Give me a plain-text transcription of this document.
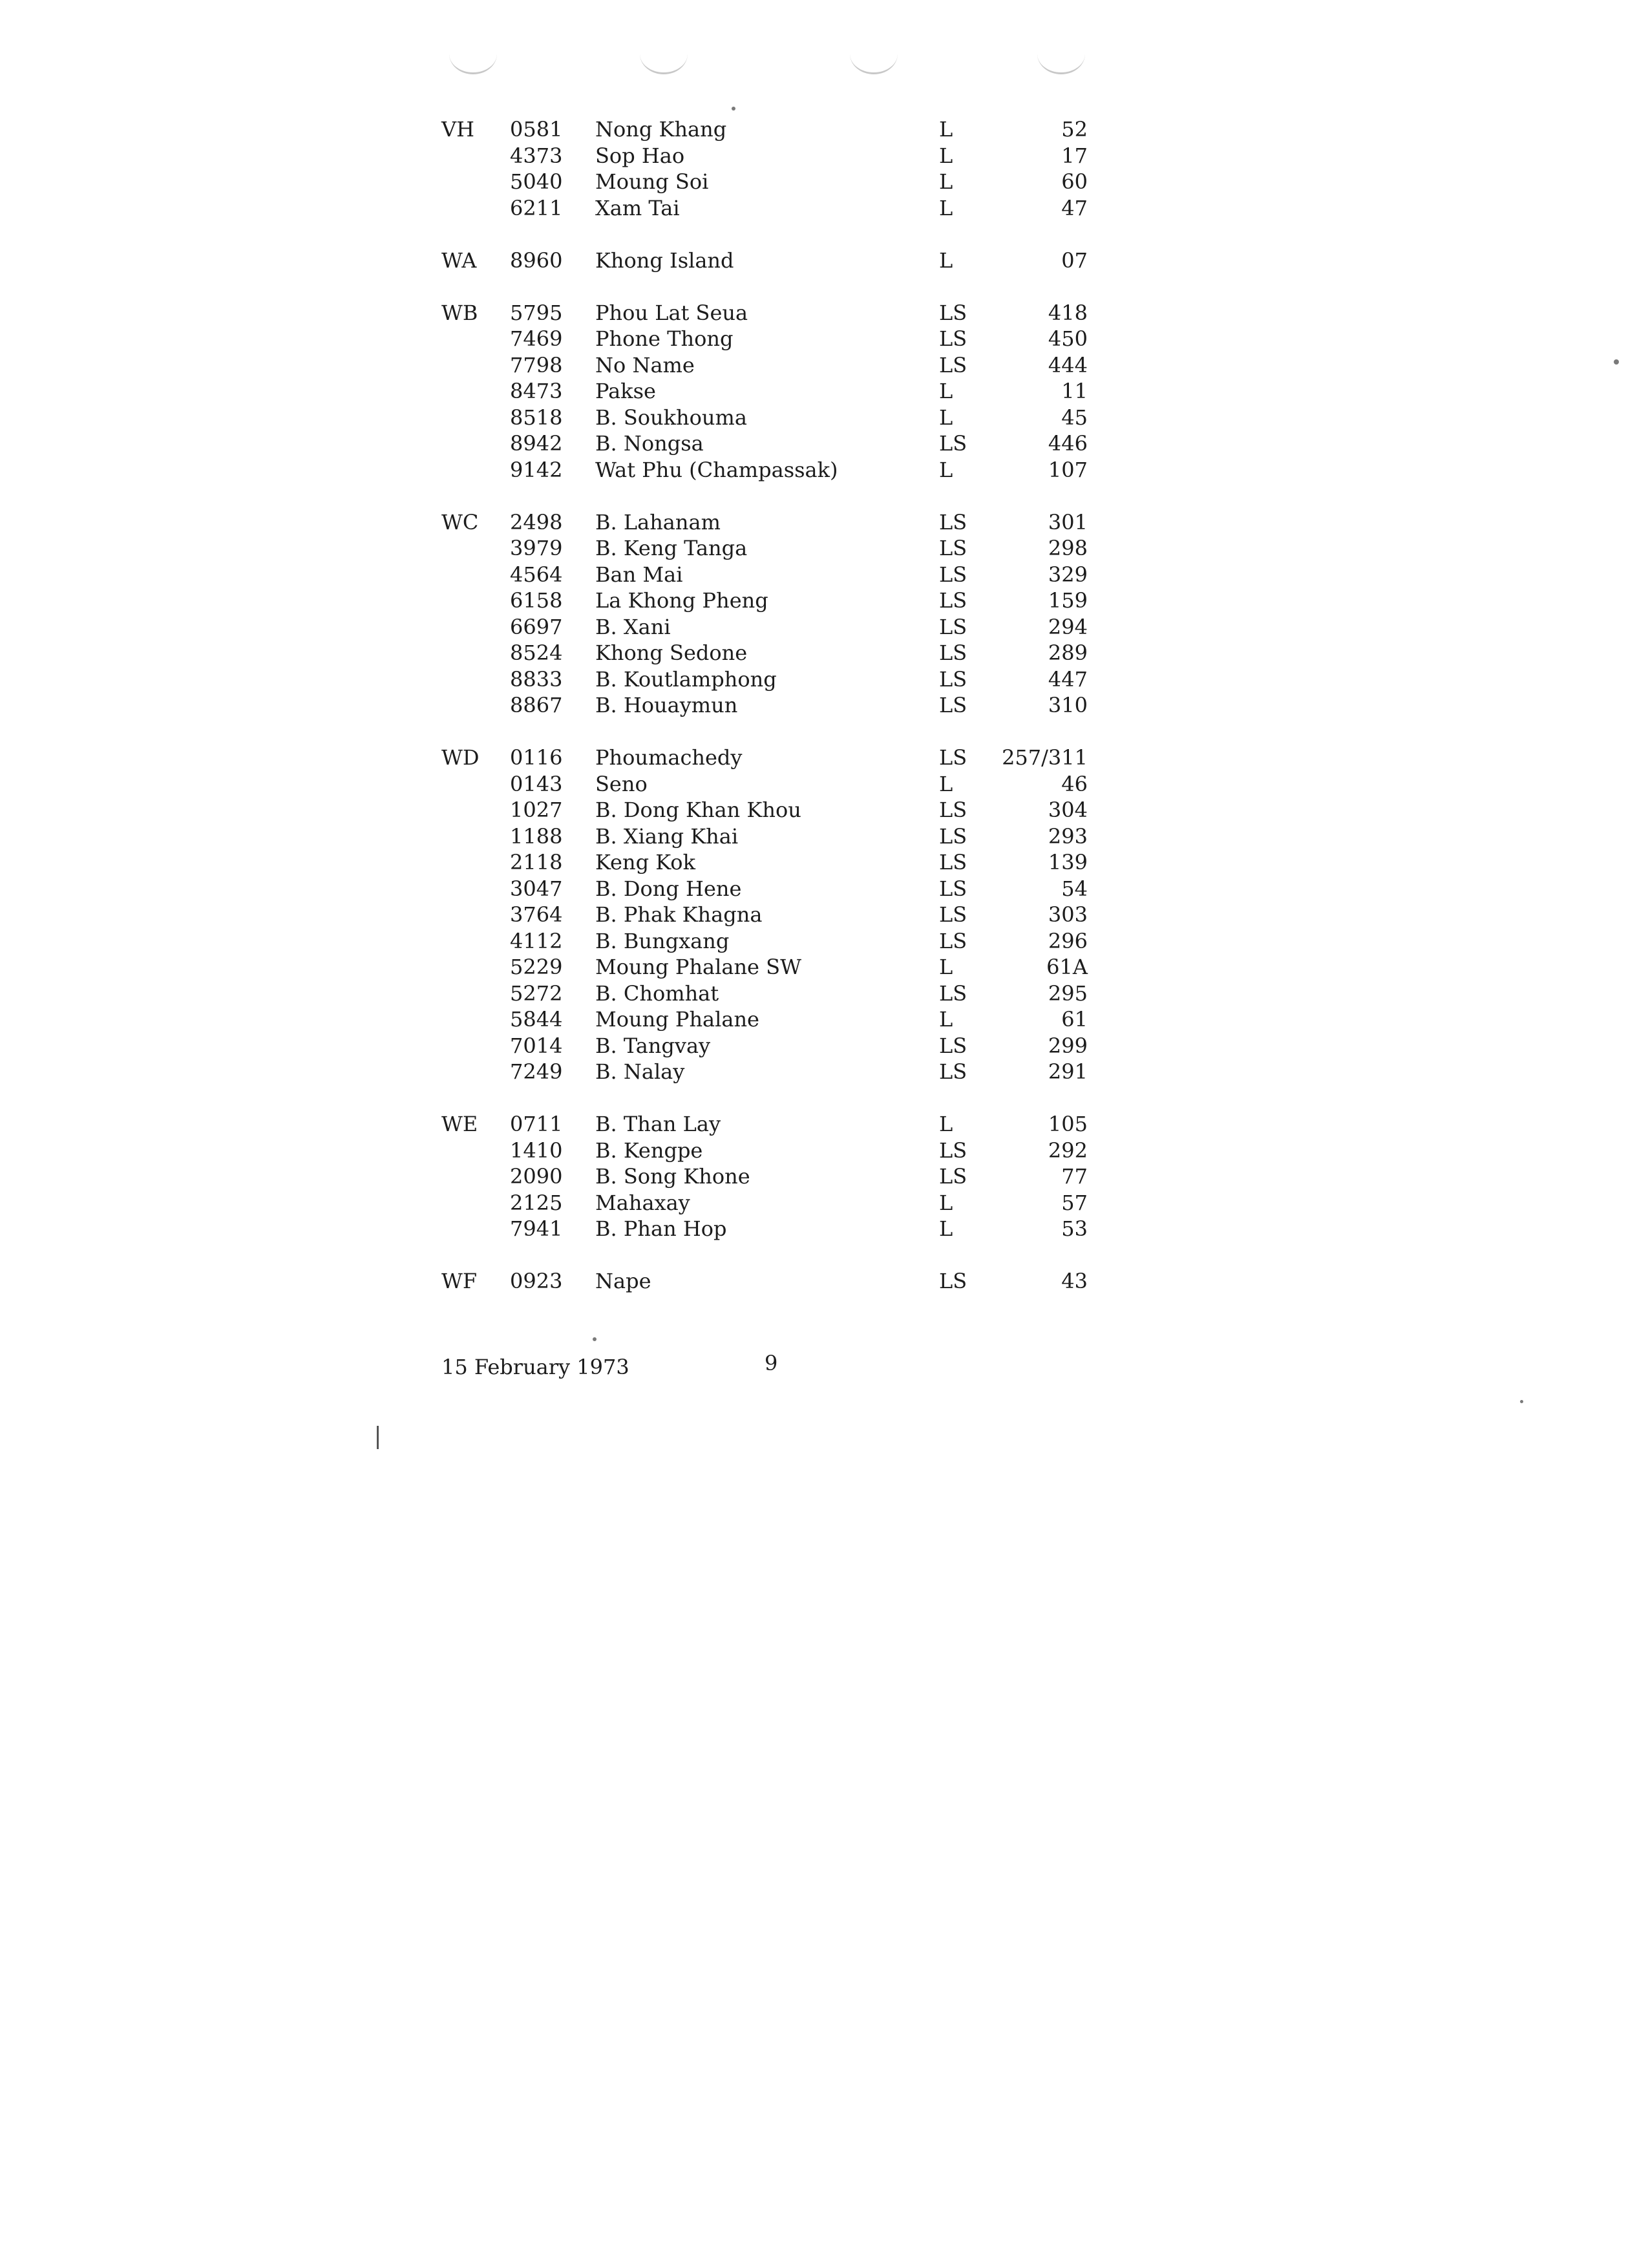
VH 0581 Nong Khang	L	52
4373 Sop Hao	L	17
5040 Moung Soi	L	60
6211 Xam Tai	L	47
WA 8960 Khong Island	L	07
WB 5795 Phou Lat Seua	LS	418
7469 Phone Thong	LS	450
7798 No Name	LS	444
8473 Pakse	L	11
8518 B. Soukhouma	L	45
8942 B. Nongsa	LS	446
9142 Wat Phu (Champassak)	L	107
WC 2498 B. Lahanam	LS	301
3979 B. Keng Tanga	LS	298
4564 Ban Mai	LS	329
6158 La Khong Pheng	LS	159
6697 B. Xani	LS	294
8524 Khong Sedone	LS	289
8833 B. Koutlamphong	LS	447
8867 B. Houaymun	LS	310
WD 0116 Phoumachedy	LS 257/311
0143 Seno	L	46
1027 B. Dong Khan Khou	LS	304
1188 B. Xiang Khai	LS	293
2118 Keng Kok	LS	139
3047 B. Dong Hene	LS	54
3764 B. Phak Khagna	LS	303
4112 B. Bungxang	LS	296
5229 Moung Phalane SW	L	61A
5272 B. Chomhat	LS	295
5844 Moung Phalane	L	61
7014 B. Tangvay	LS	299
7249 B. Nalay	LS	291
WE 0711 B. Than Lay	L	105
1410 B. Kengpe	LS	292
2090 B. Song Khone	LS	77
2125 Mahaxay	L	57
7941 B. Phan Hop	L	53
WF 0923 Nape	LS	43
15 February 1973	9
